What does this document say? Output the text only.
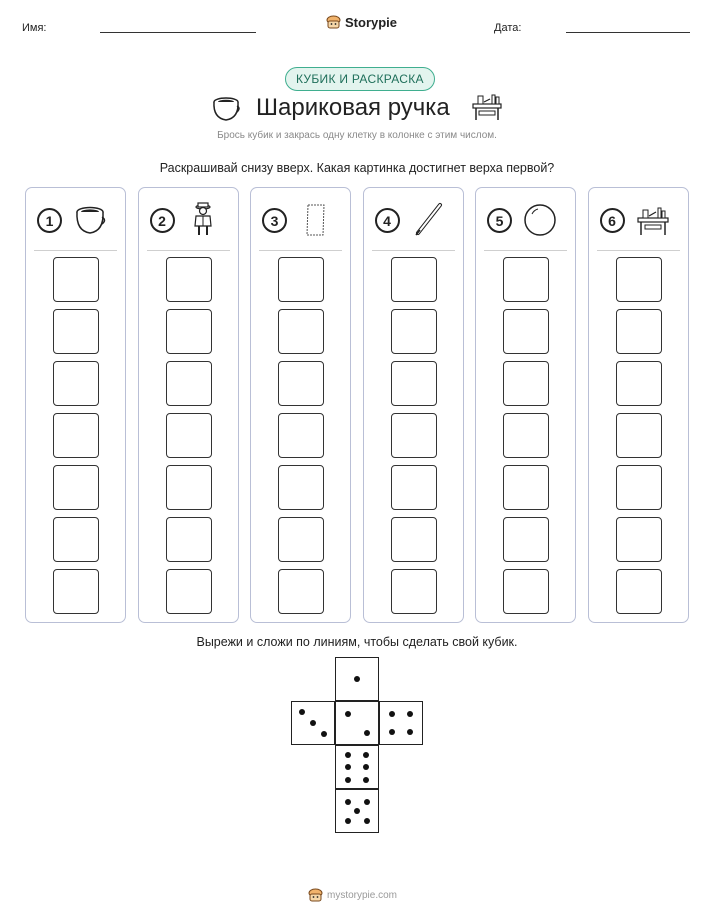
Имя:	Storypie	Дата:
КУБИК И РАСКРАСКА
Шариковая ручка
Брось кубик и закрась одну клетку в колонке с этим числом.
Раскрашивай снизу вверх. Какая картинка достигнет верха первой?
1	2	3	4	5	6
Вырежи и сложи по линиям, чтобы сделать свой кубик.
mystorypie.com
